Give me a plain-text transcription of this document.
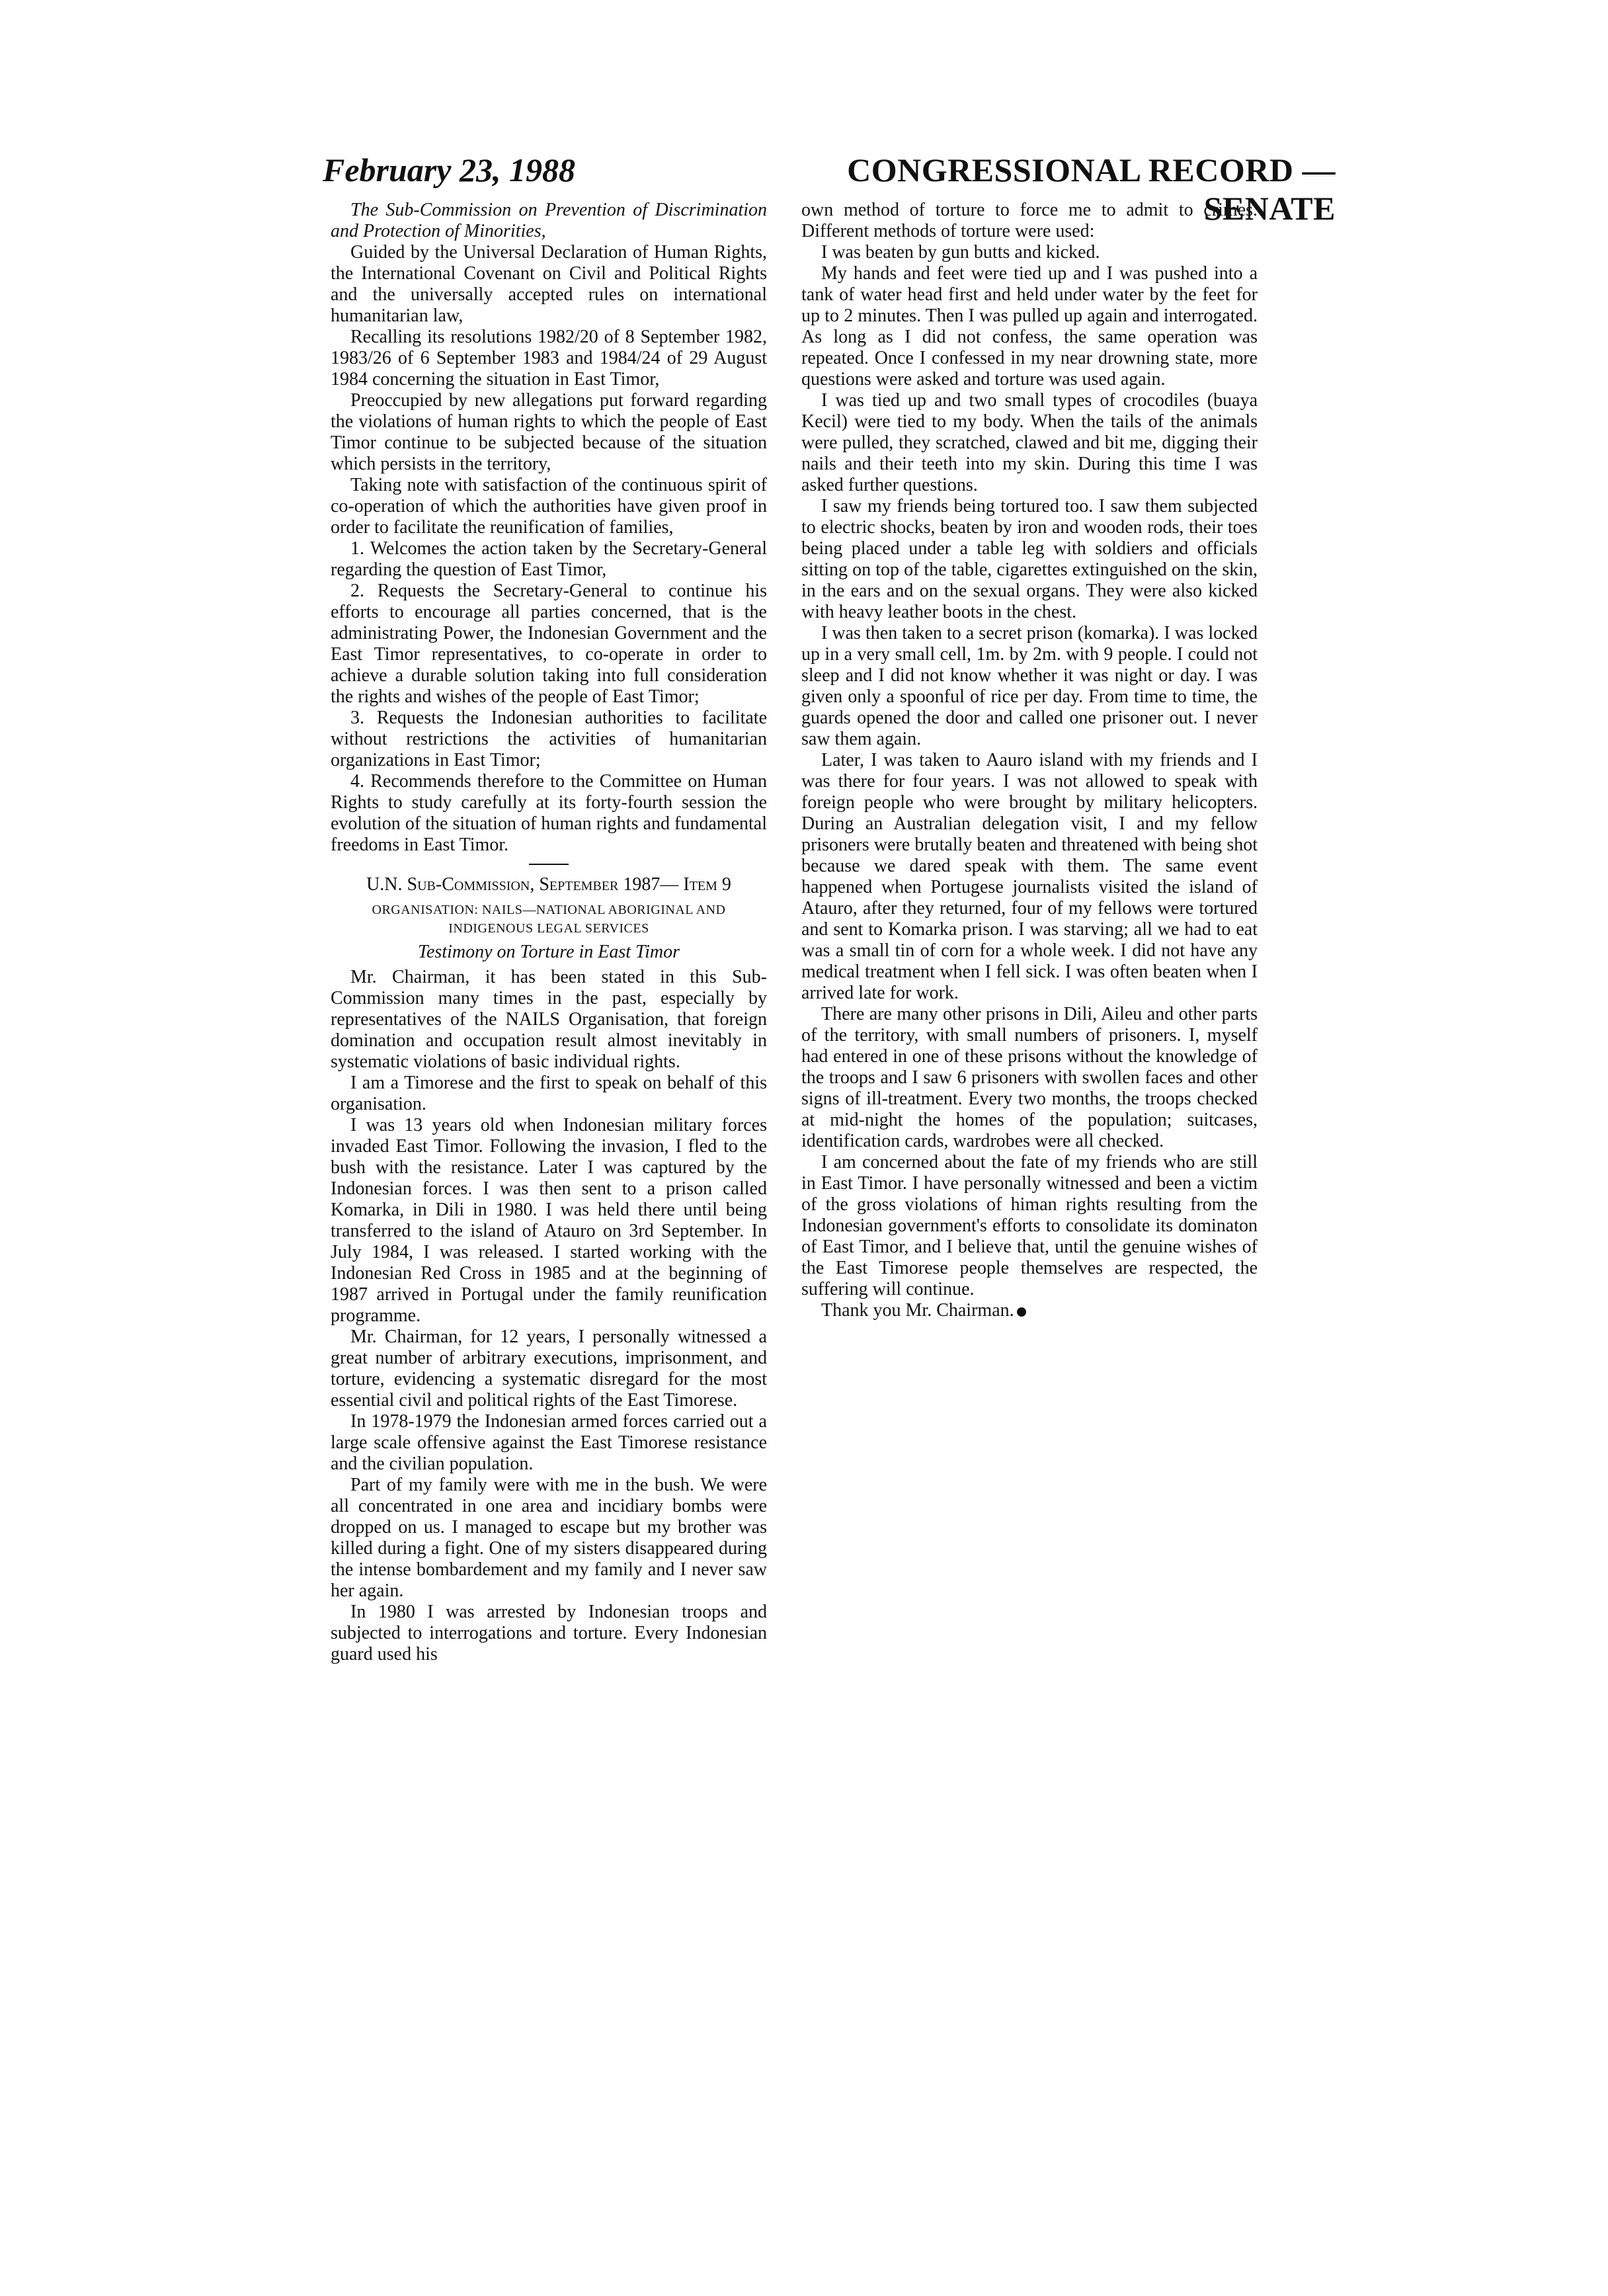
February 23, 1988	CONGRESSIONAL RECORD — SENATE

The Sub-Commission on Prevention of Discrimination and Protection of Minorities,

Guided by the Universal Declaration of Human Rights, the International Covenant on Civil and Political Rights and the universally accepted rules on international humanitarian law,

Recalling its resolutions 1982/20 of 8 September 1982, 1983/26 of 6 September 1983 and 1984/24 of 29 August 1984 concerning the situation in East Timor,

Preoccupied by new allegations put forward regarding the violations of human rights to which the people of East Timor continue to be subjected because of the situation which persists in the territory,

Taking note with satisfaction of the continuous spirit of co-operation of which the authorities have given proof in order to facilitate the reunification of families,

1. Welcomes the action taken by the Secretary-General regarding the question of East Timor,

2. Requests the Secretary-General to continue his efforts to encourage all parties concerned, that is the administrating Power, the Indonesian Government and the East Timor representatives, to co-operate in order to achieve a durable solution taking into full consideration the rights and wishes of the people of East Timor;

3. Requests the Indonesian authorities to facilitate without restrictions the activities of humanitarian organizations in East Timor;

4. Recommends therefore to the Committee on Human Rights to study carefully at its forty-fourth session the evolution of the situation of human rights and fundamental freedoms in East Timor.

U.N. Sub-Commission, September 1987— Item 9

ORGANISATION: NAILS—NATIONAL ABORIGINAL AND INDIGENOUS LEGAL SERVICES

Testimony on Torture in East Timor

Mr. Chairman, it has been stated in this Sub-Commission many times in the past, especially by representatives of the NAILS Organisation, that foreign domination and occupation result almost inevitably in systematic violations of basic individual rights.

I am a Timorese and the first to speak on behalf of this organisation.

I was 13 years old when Indonesian military forces invaded East Timor. Following the invasion, I fled to the bush with the resistance. Later I was captured by the Indonesian forces. I was then sent to a prison called Komarka, in Dili in 1980. I was held there until being transferred to the island of Atauro on 3rd September. In July 1984, I was released. I started working with the Indonesian Red Cross in 1985 and at the beginning of 1987 arrived in Portugal under the family reunification programme.

Mr. Chairman, for 12 years, I personally witnessed a great number of arbitrary executions, imprisonment, and torture, evidencing a systematic disregard for the most essential civil and political rights of the East Timorese.

In 1978-1979 the Indonesian armed forces carried out a large scale offensive against the East Timorese resistance and the civilian population.

Part of my family were with me in the bush. We were all concentrated in one area and incidiary bombs were dropped on us. I managed to escape but my brother was killed during a fight. One of my sisters disappeared during the intense bombardement and my family and I never saw her again.

In 1980 I was arrested by Indonesian troops and subjected to interrogations and torture. Every Indonesian guard used his

own method of torture to force me to admit to crimes. Different methods of torture were used:

I was beaten by gun butts and kicked.

My hands and feet were tied up and I was pushed into a tank of water head first and held under water by the feet for up to 2 minutes. Then I was pulled up again and interrogated. As long as I did not confess, the same operation was repeated. Once I confessed in my near drowning state, more questions were asked and torture was used again.

I was tied up and two small types of crocodiles (buaya Kecil) were tied to my body. When the tails of the animals were pulled, they scratched, clawed and bit me, digging their nails and their teeth into my skin. During this time I was asked further questions.

I saw my friends being tortured too. I saw them subjected to electric shocks, beaten by iron and wooden rods, their toes being placed under a table leg with soldiers and officials sitting on top of the table, cigarettes extinguished on the skin, in the ears and on the sexual organs. They were also kicked with heavy leather boots in the chest.

I was then taken to a secret prison (komarka). I was locked up in a very small cell, 1m. by 2m. with 9 people. I could not sleep and I did not know whether it was night or day. I was given only a spoonful of rice per day. From time to time, the guards opened the door and called one prisoner out. I never saw them again.

Later, I was taken to Aauro island with my friends and I was there for four years. I was not allowed to speak with foreign people who were brought by military helicopters. During an Australian delegation visit, I and my fellow prisoners were brutally beaten and threatened with being shot because we dared speak with them. The same event happened when Portugese journalists visited the island of Atauro, after they returned, four of my fellows were tortured and sent to Komarka prison. I was starving; all we had to eat was a small tin of corn for a whole week. I did not have any medical treatment when I fell sick. I was often beaten when I arrived late for work.

There are many other prisons in Dili, Aileu and other parts of the territory, with small numbers of prisoners. I, myself had entered in one of these prisons without the knowledge of the troops and I saw 6 prisoners with swollen faces and other signs of ill-treatment. Every two months, the troops checked at mid-night the homes of the population; suitcases, identification cards, wardrobes were all checked.

I am concerned about the fate of my friends who are still in East Timor. I have personally witnessed and been a victim of the gross violations of himan rights resulting from the Indonesian government's efforts to consolidate its dominaton of East Timor, and I believe that, until the genuine wishes of the East Timorese people themselves are respected, the suffering will continue.

Thank you Mr. Chairman.
